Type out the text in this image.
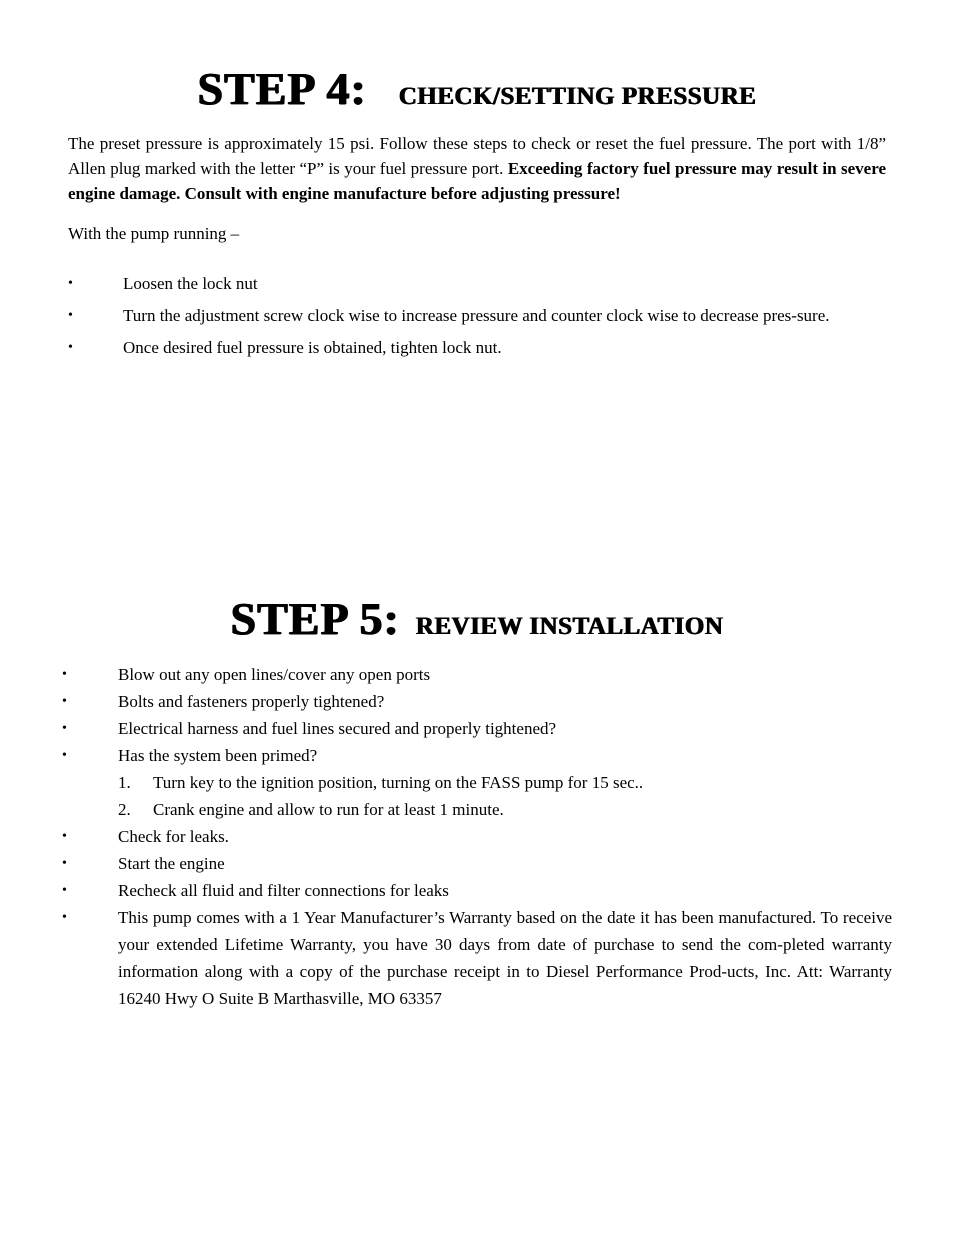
STEP 4: CHECK/SETTING PRESSURE

The preset pressure is approximately 15 psi. Follow these steps to check or reset the fuel pressure. The port with 1/8” Allen plug marked with the letter “P” is your fuel pressure port. Exceeding factory fuel pressure may result in severe engine damage. Consult with engine manufacture before adjusting pressure!

With the pump running –

•	Loosen the lock nut
•	Turn the adjustment screw clock wise to increase pressure and counter clock wise to decrease pres-sure.
•	Once desired fuel pressure is obtained, tighten lock nut.
STEP 5: REVIEW INSTALLATION
•	Blow out any open lines/cover any open ports
•	Bolts and fasteners properly tightened?
•	Electrical harness and fuel lines secured and properly tightened?
•	Has the system been primed?
1. Turn key to the ignition position, turning on the FASS pump for 15 sec..
2. Crank engine and allow to run for at least 1 minute.
•	Check for leaks.
•	Start the engine
•	Recheck all fluid and filter connections for leaks
•	This pump comes with a 1 Year Manufacturer’s Warranty based on the date it has been manufactured. To receive your extended Lifetime Warranty, you have 30 days from date of purchase to send the com-pleted warranty information along with a copy of the purchase receipt in to Diesel Performance Prod-ucts, Inc. Att: Warranty 16240 Hwy O Suite B Marthasville, MO 63357
